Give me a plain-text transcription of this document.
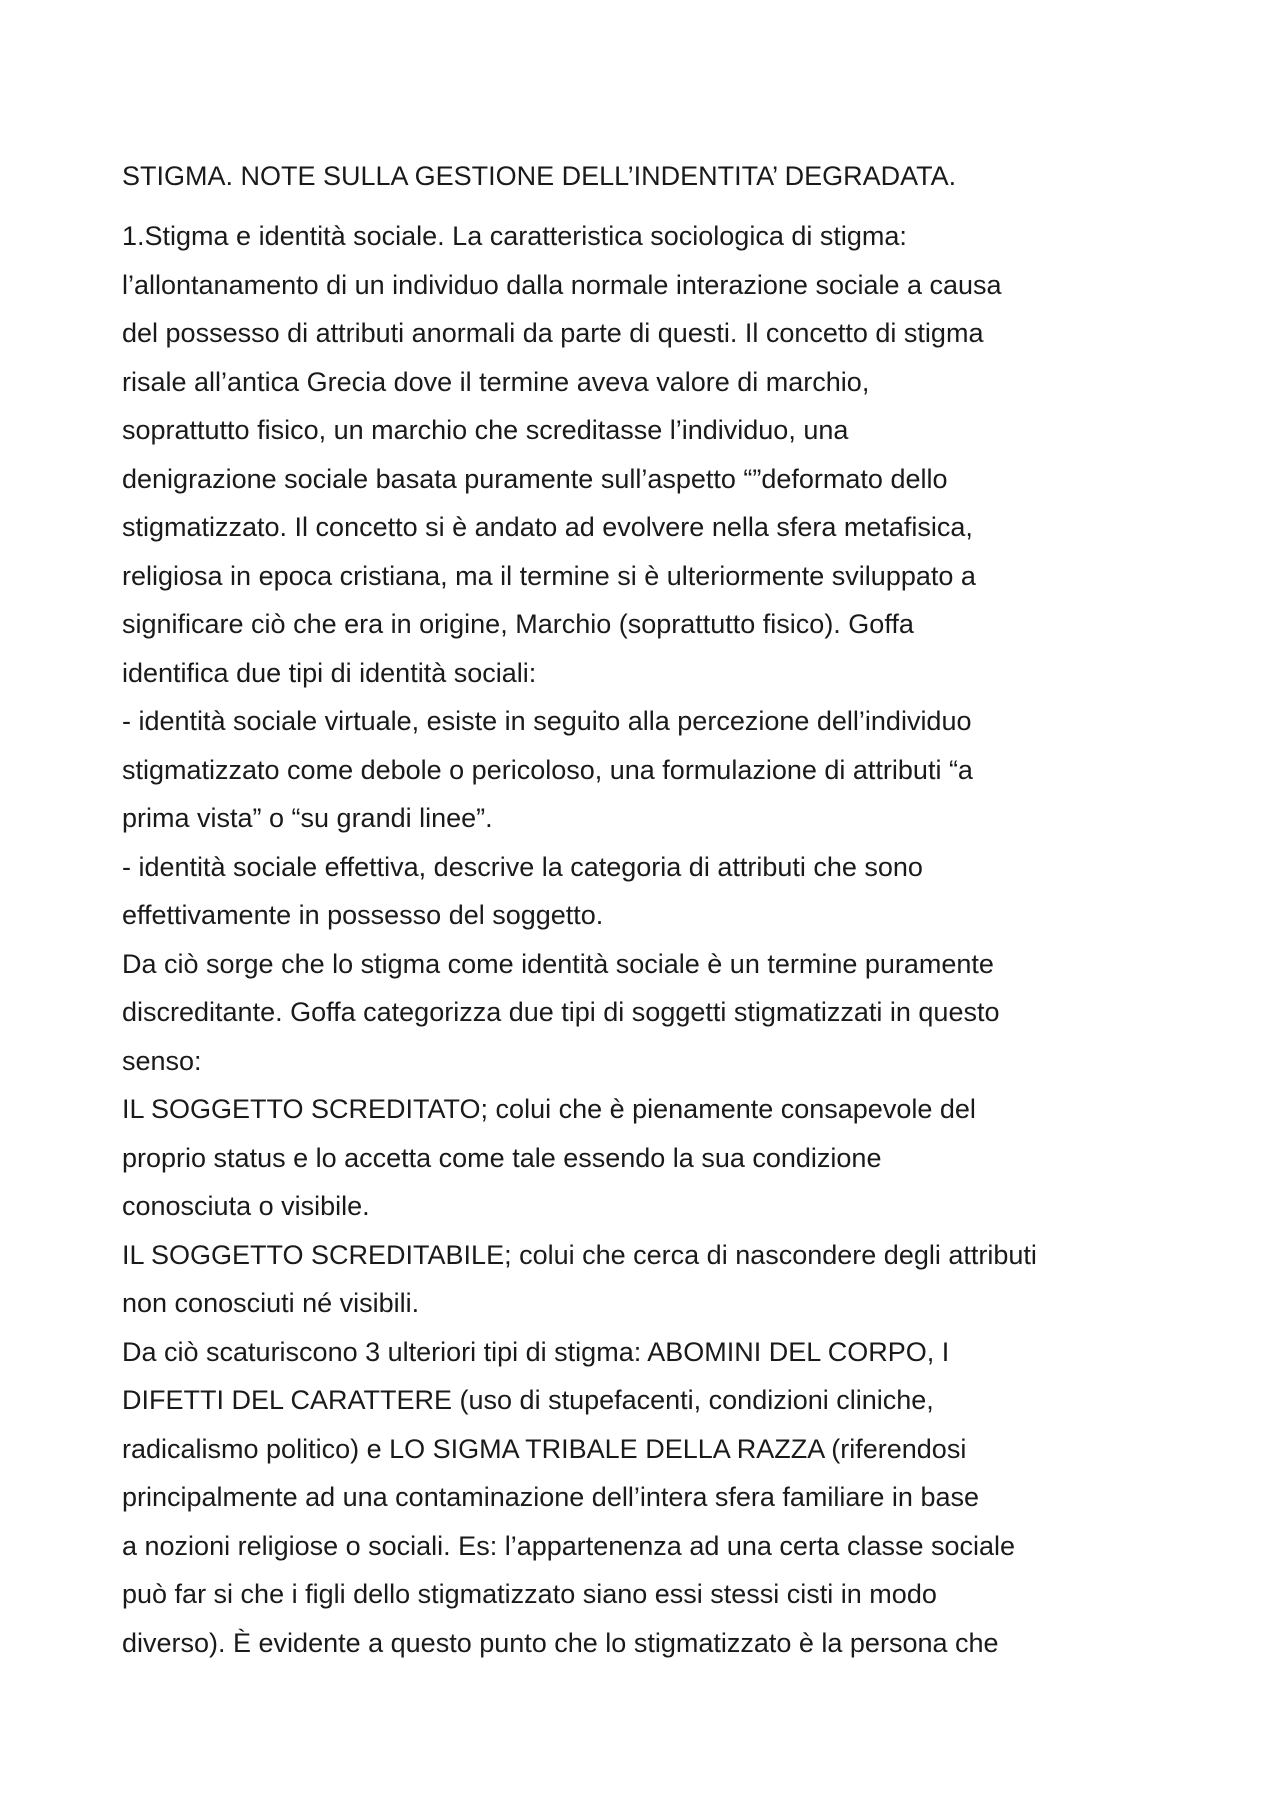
STIGMA. NOTE SULLA GESTIONE DELL’INDENTITA’ DEGRADATA.
1.Stigma e identità sociale. La caratteristica sociologica di stigma:
l’allontanamento di un individuo dalla normale interazione sociale a causa
del possesso di attributi anormali da parte di questi. Il concetto di stigma
risale all’antica Grecia dove il termine aveva valore di marchio,
soprattutto fisico, un marchio che screditasse l’individuo, una
denigrazione sociale basata puramente sull’aspetto “”deformato dello
stigmatizzato. Il concetto si è andato ad evolvere nella sfera metafisica,
religiosa in epoca cristiana, ma il termine si è ulteriormente sviluppato a
significare ciò che era in origine, Marchio (soprattutto fisico). Goffa
identifica due tipi di identità sociali:
- identità sociale virtuale, esiste in seguito alla percezione dell’individuo
stigmatizzato come debole o pericoloso, una formulazione di attributi “a
prima vista” o “su grandi linee”.
- identità sociale effettiva, descrive la categoria di attributi che sono
effettivamente in possesso del soggetto.
Da ciò sorge che lo stigma come identità sociale è un termine puramente
discreditante. Goffa categorizza due tipi di soggetti stigmatizzati in questo
senso:
IL SOGGETTO SCREDITATO; colui che è pienamente consapevole del
proprio status e lo accetta come tale essendo la sua condizione
conosciuta o visibile.
IL SOGGETTO SCREDITABILE; colui che cerca di nascondere degli attributi
non conosciuti né visibili.
Da ciò scaturiscono 3 ulteriori tipi di stigma: ABOMINI DEL CORPO, I
DIFETTI DEL CARATTERE (uso di stupefacenti, condizioni cliniche,
radicalismo politico) e LO SIGMA TRIBALE DELLA RAZZA (riferendosi
principalmente ad una contaminazione dell’intera sfera familiare in base
a nozioni religiose o sociali. Es: l’appartenenza ad una certa classe sociale
può far si che i figli dello stigmatizzato siano essi stessi cisti in modo
diverso). È evidente a questo punto che lo stigmatizzato è la persona che
